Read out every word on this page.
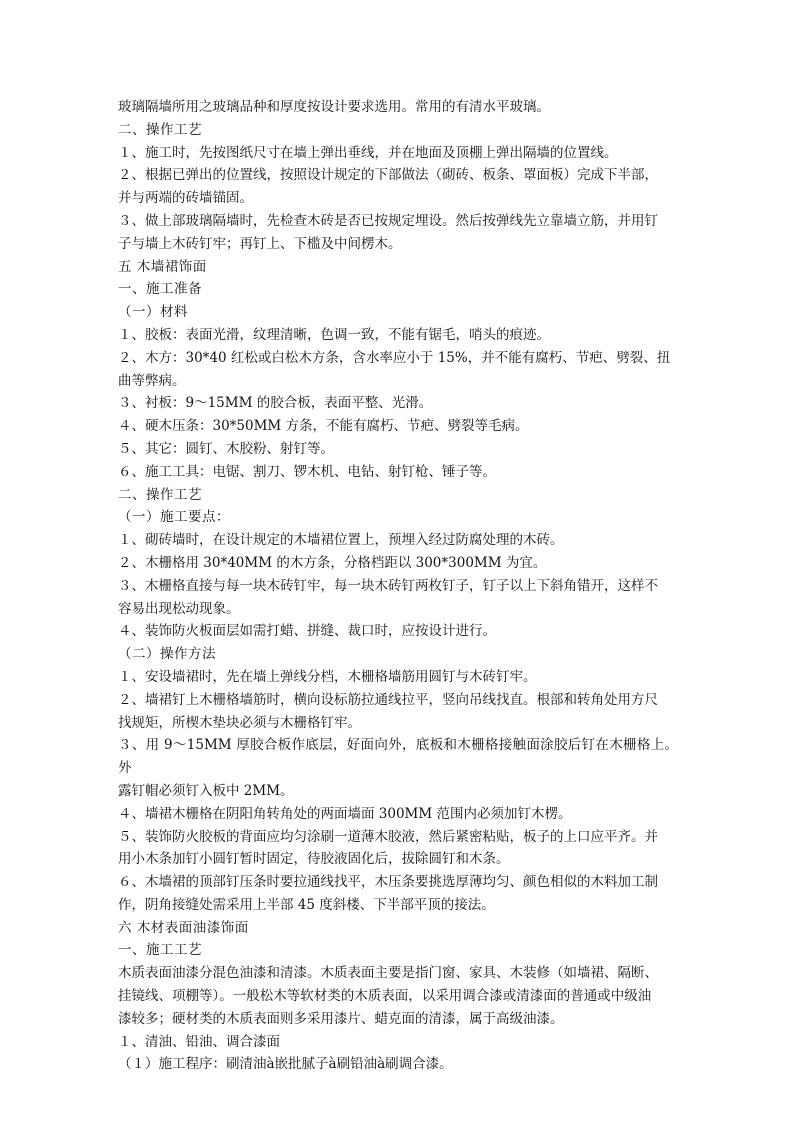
玻璃隔墙所用之玻璃品种和厚度按设计要求选用。常用的有清水平玻璃。

二、操作工艺

１、施工时，先按图纸尺寸在墙上弹出垂线，并在地面及顶棚上弹出隔墙的位置线。

２、根据已弹出的位置线，按照设计规定的下部做法（砌砖、板条、罩面板）完成下半部，

并与两端的砖墙锚固。

３、做上部玻璃隔墙时，先检查木砖是否已按规定埋设。然后按弹线先立靠墙立筋，并用钉

子与墙上木砖钉牢；再钉上、下槛及中间楞木。

五 木墙裙饰面

一、施工准备

（一）材料

１、胶板：表面光滑，纹理清晰，色调一致，不能有锯毛，哨头的痕迹。

２、木方：30*40 红松或白松木方条，含水率应小于 15%，并不能有腐朽、节疤、劈裂、扭

曲等弊病。

３、衬板：9～15MM 的胶合板，表面平整、光滑。

４、硬木压条：30*50MM 方条，不能有腐朽、节疤、劈裂等毛病。

５、其它：圆钉、木胶粉、射钉等。

６、施工工具：电锯、割刀、锣木机、电钻、射钉枪、锤子等。

二、操作工艺

（一）施工要点：

１、砌砖墙时，在设计规定的木墙裙位置上，预埋入经过防腐处理的木砖。

２、木栅格用 30*40MM 的木方条，分格档距以 300*300MM 为宜。

３、木栅格直接与每一块木砖钉牢，每一块木砖钉两枚钉子，钉子以上下斜角错开，这样不

容易出现松动现象。

４、装饰防火板面层如需打蜡、拼缝、裁口时，应按设计进行。

（二）操作方法

１、安设墙裙时，先在墙上弹线分档，木栅格墙筋用圆钉与木砖钉牢。

２、墙裙钉上木栅格墙筋时，横向设标筋拉通线拉平，竖向吊线找直。根部和转角处用方尺

找规矩，所楔木垫块必须与木栅格钉牢。

３、用 9～15MM 厚胶合板作底层，好面向外，底板和木栅格接触面涂胶后钉在木栅格上。外

露钉帽必须钉入板中 2MM。

４、墙裙木栅格在阴阳角转角处的两面墙面 300MM 范围内必须加钉木楞。

５、装饰防火胶板的背面应均匀涂刷一道薄木胶液，然后紧密粘贴，板子的上口应平齐。并

用小木条加钉小圆钉暂时固定，待胶液固化后，拔除圆钉和木条。

６、木墙裙的顶部钉压条时要拉通线找平，木压条要挑选厚薄均匀、颜色相似的木料加工制

作，阴角接缝处需采用上半部 45 度斜楼、下半部平顶的接法。

六 木材表面油漆饰面

一、施工工艺

木质表面油漆分混色油漆和清漆。木质表面主要是指门窗、家具、木装修（如墙裙、隔断、

挂镜线、项棚等）。一般松木等软材类的木质表面，以采用调合漆或清漆面的普通或中级油

漆较多；硬材类的木质表面则多采用漆片、蜡克面的清漆，属于高级油漆。

１、清油、铅油、调合漆面

（１）施工程序：刷清油à嵌批腻子à刷铅油à刷调合漆。
